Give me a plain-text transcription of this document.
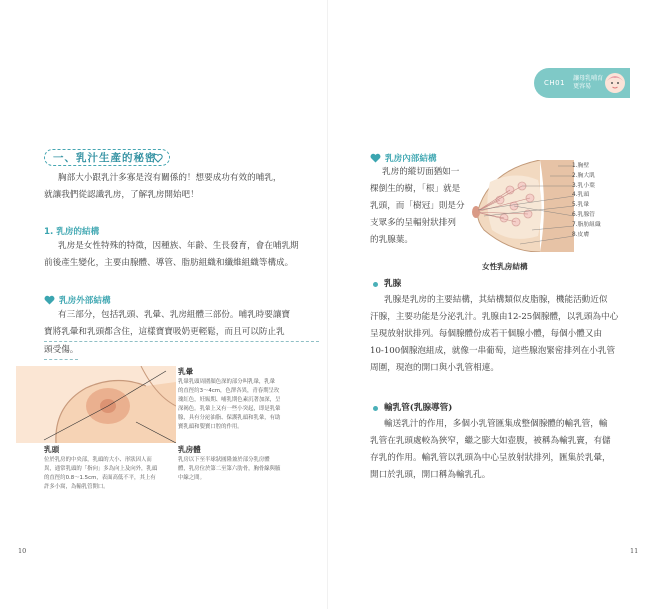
CH01
讓母乳哺育
更容易
一、乳汁生產的秘密
胸部大小跟乳汁多寡是沒有關係的！想要成功有效的哺乳，
就讓我們從認識乳房，了解乳房開始吧！
1. 乳房的結構
乳房是女性特殊的特徵，因種族、年齡、生長發育，會在哺乳期
前後產生變化，主要由腺體、導管、脂肪組織和纖維組織等構成。
乳房外部結構
有三部分，包括乳頭、乳暈、乳房組體三部份。哺乳時要讓寶
寶將乳暈和乳頭都含住，這樣寶寶吸奶更輕鬆，而且可以防止乳
頭受傷。
乳暈
乳暈乳頭周圍顏色深的部分叫乳暈，乳暈
的直徑約3～4cm，色澤各異，青春期呈玫
瑰紅色，妊娠期、哺乳期色素沉著加深，呈
深褐色。乳暈上又有一些小突起，即是乳暈
腺，具有分泌油脂、保護乳頭和乳暈，有助
寶乳頭和嬰寶口腔的作用。
乳房體
乳房以下至半球狀圓隆兼於部分乳房體
體，乳房位於第二至第六肋骨，胸骨線與腋
中線之間。
乳頭
位於乳房的中央部，乳頭的大小、形狀因人而
異，通常乳頭的「指向」多為向上及向外，乳頭
的直徑約0.8～1.5cm，表面高低不平，其上有
許多小窩，為輸乳管開口。
10
乳房內部結構
乳房的縱切面猶如一
棵倒生的樹，「根」就是
乳頭，而「樹冠」則是分
支眾多的呈輻射狀排列
的乳腺葉。
1.胸壁
2.胸大肌
3.乳小葉
4.乳頭
5.乳暈
6.乳腺管
7.脂肪組織
8.皮膚
女性乳房結構
乳腺
乳腺是乳房的主要結構，其結構類似皮脂腺，機能活動近似
汗腺，主要功能是分泌乳汁。乳腺由12-25個腺體，以乳頭為中心
呈現放射狀排列。每個腺體份成若干個腺小體，每個小體又由
10-100個腺泡組成，就像一串葡萄，這些腺泡緊密排列在小乳管
周圍，現泡的開口與小乳管相連。
輸乳管(乳腺導管)
輸送乳汁的作用，多個小乳管匯集成整個腺體的輸乳管，輸
乳管在乳頭處較為狹窄，繼之膨大如壺腹，被稱為輸乳竇，有儲
存乳的作用。輸乳管以乳頭為中心呈放射狀排列，匯集於乳暈，
開口於乳頭，開口稱為輸乳孔。
11
